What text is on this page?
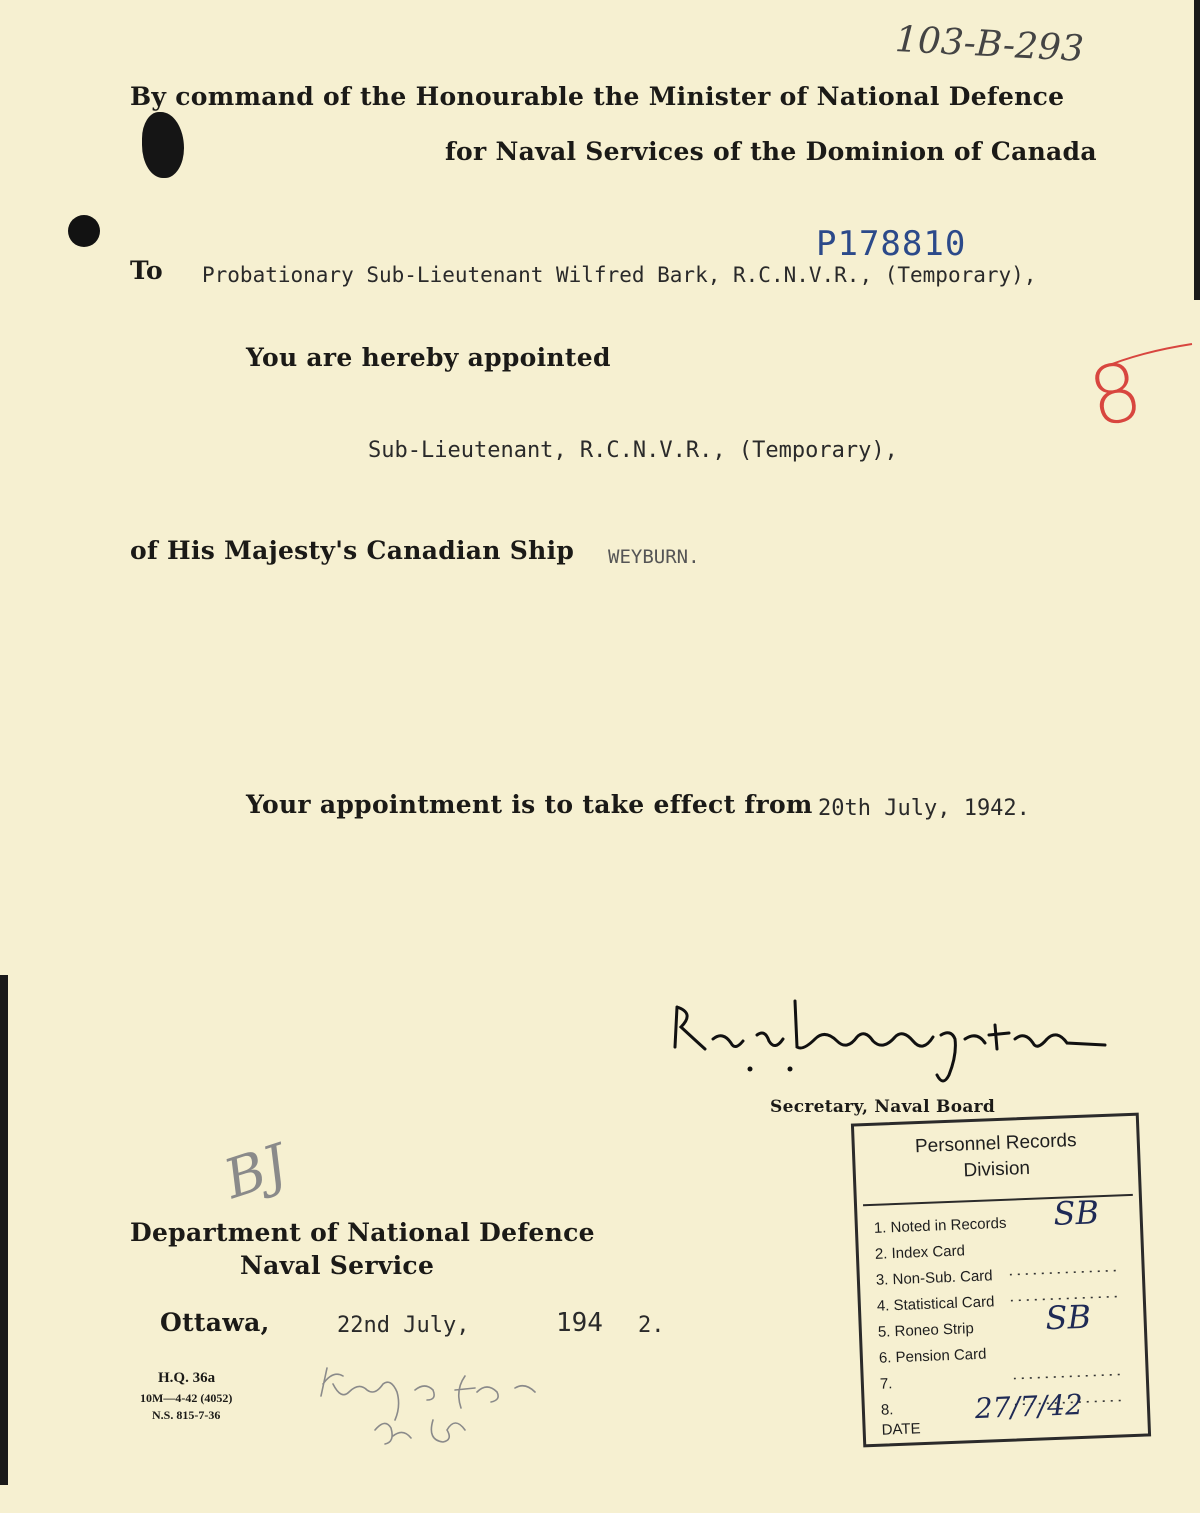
103-B-293
By command of the Honourable the Minister of National Defence
for Naval Services of the Dominion of Canada
P178810
To Probationary Sub-Lieutenant Wilfred Bark, R.C.N.V.R., (Temporary),
You are hereby appointed
Sub-Lieutenant, R.C.N.V.R., (Temporary),
8
of His Majesty's Canadian Ship WEYBURN.
Your appointment is to take effect from 20th July, 1942.
Secretary, Naval Board
BJ
Department of National Defence
Naval Service
Ottawa,	22nd July,	194 2.
H.Q. 36a
10M—4-42 (4052)
N.S. 815-7-36
Personnel Records
Division
1. Noted in Records
2. Index Card
3. Non-Sub. Card
4. Statistical Card
5. Roneo Strip
6. Pension Card
7.
8.
DATE
SB
SB
27/7/42
